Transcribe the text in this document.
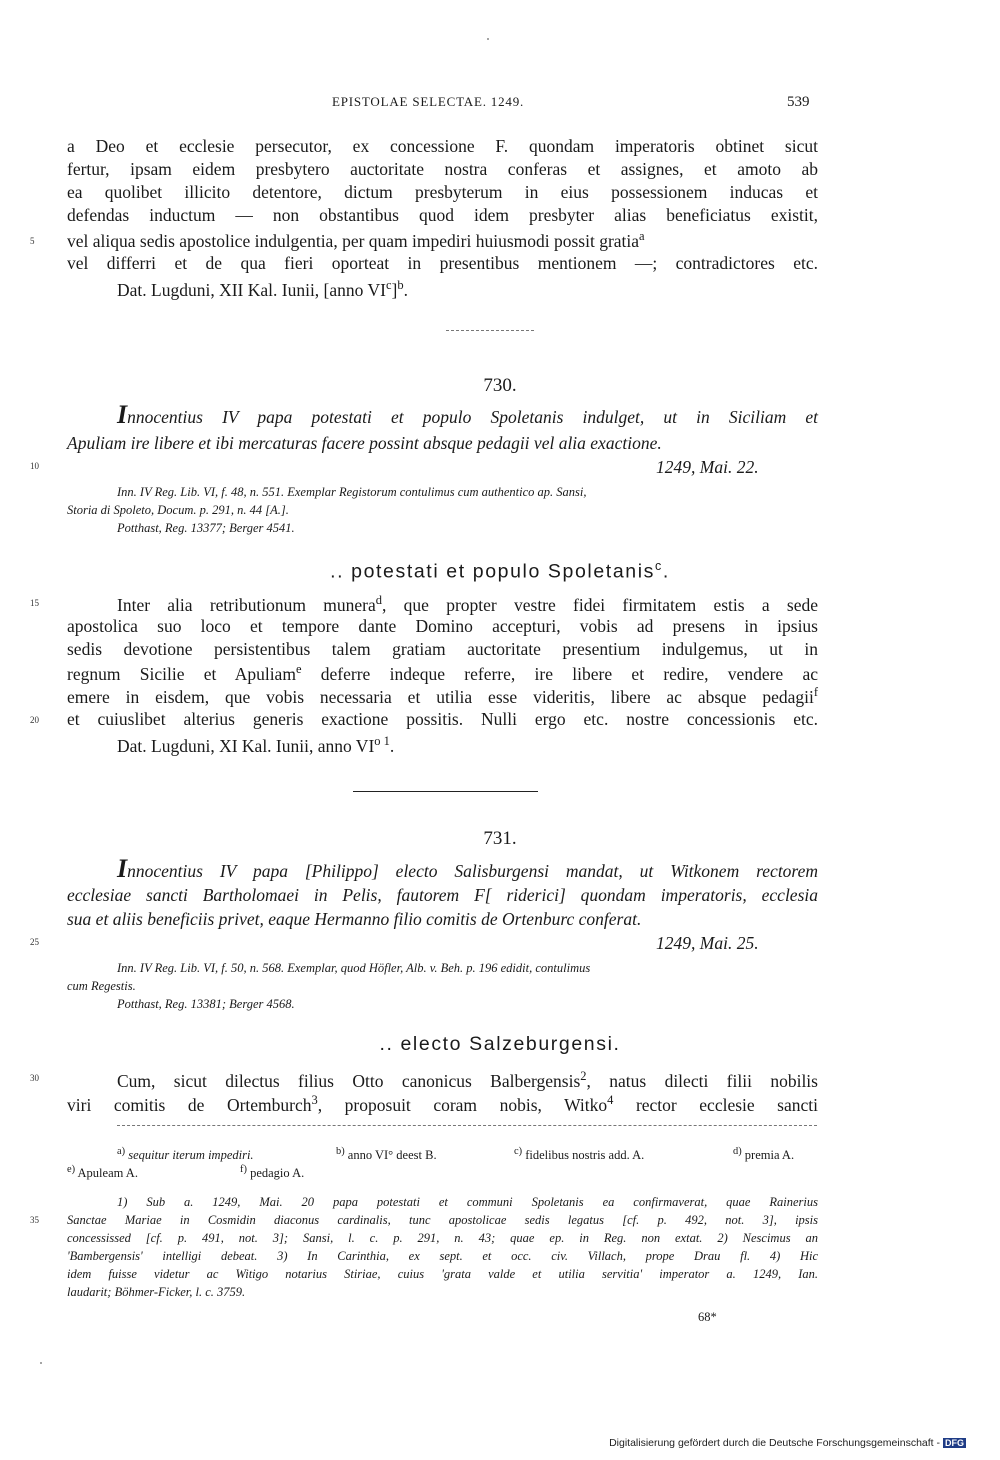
EPISTOLAE SELECTAE. 1249.	539
a Deo et ecclesie persecutor, ex concessione F. quondam imperatoris obtinet sicut
fertur, ipsam eidem presbytero auctoritate nostra conferas et assignes, et amoto ab
ea quolibet illicito detentore, dictum presbyterum in eius possessionem inducas et
defendas inductum — non obstantibus quod idem presbyter alias beneficiatus existit,
vel aliqua sedis apostolice indulgentia, per quam impediri huiusmodi possit gratia$^a$
vel differri et de qua fieri oporteat in presentibus mentionem —; contradictores etc.
Dat. Lugduni, XII Kal. Iunii, [anno $VI^c]^b$.
5
10
15
20
25
30
35
730.
Innocentius IV papa potestati et populo Spoletanis indulget, ut in Siciliam et
Apuliam ire libere et ibi mercaturas facere possint absque pedagii vel alia exactione.
1249, Mai. 22.
Inn. IV Reg. Lib. VI, f. 48, n. 551. Exemplar Registorum contulimus cum authentico ap. Sansi,
Storia di Spoleto, Docum. p. 291, n. 44 [A.].
Potthast, Reg. 13377; Berger 4541.
.. potestati et populo Spoletanis$^c$.
Inter alia retributionum munera$^d$, que propter vestre fidei firmitatem estis a sede
apostolica suo loco et tempore dante Domino accepturi, vobis ad presens in ipsius
sedis devotione persistentibus talem gratiam auctoritate presentium indulgemus, ut in
regnum Sicilie et Apuliam$^e$ deferre indeque referre, ire libere et redire, vendere ac
emere in eisdem, que vobis necessaria et utilia esse videritis, libere ac absque pedagii$^f$
et cuiuslibet alterius generis exactione possitis. Nulli ergo etc. nostre concessionis etc.
Dat. Lugduni, XI Kal. Iunii, anno $VI^{o 1}$.
731.
Innocentius IV papa [Philippo] electo Salisburgensi mandat, ut Witkonem rectorem
ecclesiae sancti Bartholomaei in Pelis, fautorem F[ riderici] quondam imperatoris, ecclesia
sua et aliis beneficiis privet, eaque Hermanno filio comitis de Ortenburc conferat.
1249, Mai. 25.
Inn. IV Reg. Lib. VI, f. 50, n. 568. Exemplar, quod Höfler, Alb. v. Beh. p. 196 edidit, contulimus
cum Regestis.
Potthast, Reg. 13381; Berger 4568.
.. electo Salzeburgensi.
Cum, sicut dilectus filius Otto canonicus Balbergensis$^2$, natus dilecti filii nobilis
viri comitis de Ortemburch$^3$, proposuit coram nobis, Witko$^4$ rector ecclesie sancti
$^{a)}$ sequitur iterum impediri.	$^{b)}$ anno VI° deest B.	$^{c)}$ fidelibus nostris add. A.	$^{d)}$ premia A.
$^{e)}$ Apuleam A.	$^{f)}$ pedagio A.
1) Sub a. 1249, Mai. 20 papa potestati et communi Spoletanis ea confirmaverat, quae Rainerius
Sanctae Mariae in Cosmidin diaconus cardinalis, tunc apostolicae sedis legatus [cf. p. 492, not. 3], ipsis
concessissed [cf. p. 491, not. 3]; Sansi, l. c. p. 291, n. 43; quae ep. in Reg. non extat. 2) Nescimus an
'Bambergensis' intelligi debeat. 3) In Carinthia, ex sept. et occ. civ. Villach, prope Drau fl. 4) Hic
idem fuisse videtur ac Witigo notarius Stiriae, cuius 'grata valde et utilia servitia' imperator a. 1249, Ian.
laudarit; Böhmer-Ficker, l. c. 3759.
68*
Digitalisierung gefördert durch die Deutsche Forschungsgemeinschaft - DFG
